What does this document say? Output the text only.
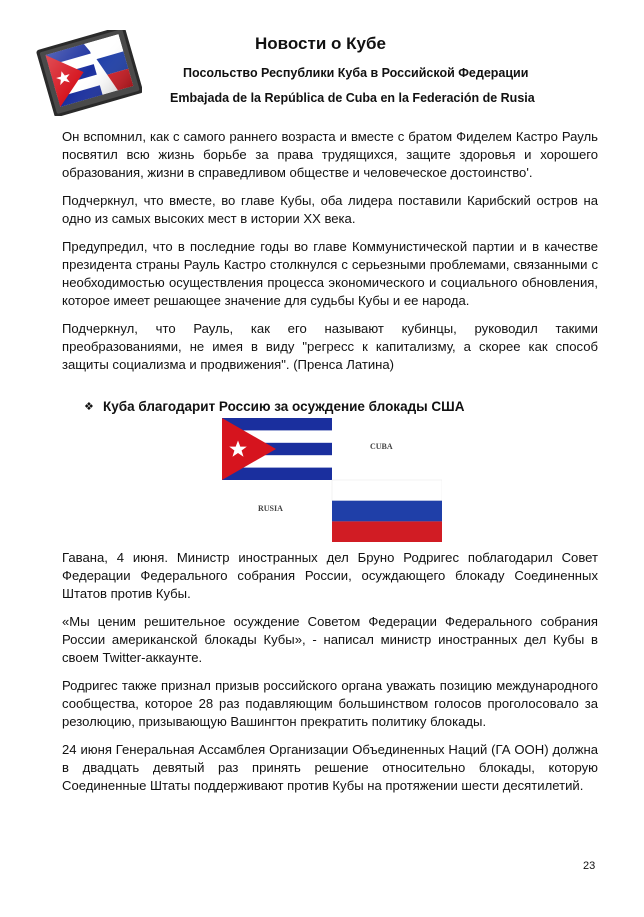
Новости о Кубе

Посольство Республики Куба в Российской Федерации

Embajada de la República de Cuba en la Federación de Rusia

Он вспомнил, как с самого раннего возраста и вместе с братом Фиделем Кастро Рауль посвятил всю жизнь борьбе за права трудящихся, защите здоровья и хорошего образования, жизни в справедливом обществе и человеческое достоинство'.

Подчеркнул, что вместе, во главе Кубы, оба лидера поставили Карибский остров на одно из самых высоких мест в истории XX века.

Предупредил, что в последние годы во главе Коммунистической партии и в качестве президента страны Рауль Кастро столкнулся с серьезными проблемами, связанными с необходимостью осуществления процесса экономического и социального обновления, которое имеет решающее значение для судьбы Кубы и ее народа.

Подчеркнул, что Рауль, как его называют кубинцы, руководил такими преобразованиями, не имея в виду "регресс к капитализму, а скорее как способ защиты социализма и продвижения". (Пренса Латина)

❖ Куба благодарит Россию за осуждение блокады США
CUBA
RUSIA

Гавана, 4 июня. Министр иностранных дел Бруно Родригес поблагодарил Совет Федерации Федерального собрания России, осуждающего блокаду Соединенных Штатов против Кубы.

«Мы ценим решительное осуждение Советом Федерации Федерального собрания России американской блокады Кубы», - написал министр иностранных дел Кубы в своем Twitter-аккаунте.

Родригес также признал призыв российского органа уважать позицию международного сообщества, которое 28 раз подавляющим большинством голосов проголосовало за резолюцию, призывающую Вашингтон прекратить политику блокады.

24 июня Генеральная Ассамблея Организации Объединенных Наций (ГА ООН) должна в двадцать девятый раз принять решение относительно блокады, которую Соединенные Штаты поддерживают против Кубы на протяжении шести десятилетий.

23
